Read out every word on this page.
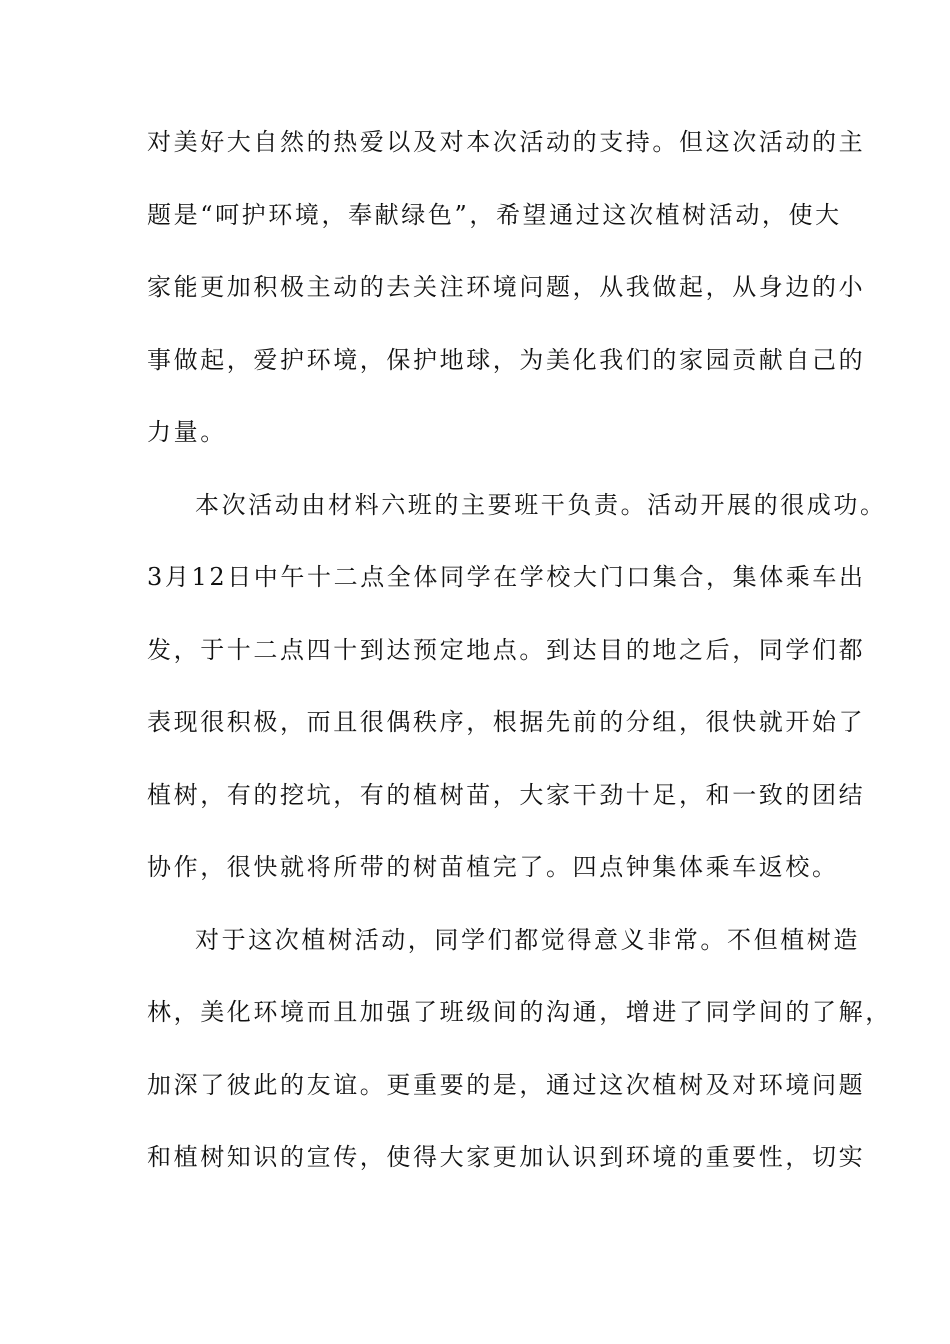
对美好大自然的热爱以及对本次活动的支持。但这次活动的主
题是“呵护环境，奉献绿色”，希望通过这次植树活动，使大
家能更加积极主动的去关注环境问题，从我做起，从身边的小
事做起，爱护环境，保护地球，为美化我们的家园贡献自己的
力量。
本次活动由材料六班的主要班干负责。活动开展的很成功。
3月12日中午十二点全体同学在学校大门口集合，集体乘车出
发，于十二点四十到达预定地点。到达目的地之后，同学们都
表现很积极，而且很偶秩序，根据先前的分组，很快就开始了
植树，有的挖坑，有的植树苗，大家干劲十足，和一致的团结
协作，很快就将所带的树苗植完了。四点钟集体乘车返校。
对于这次植树活动，同学们都觉得意义非常。不但植树造
林，美化环境而且加强了班级间的沟通，增进了同学间的了解，
加深了彼此的友谊。更重要的是，通过这次植树及对环境问题
和植树知识的宣传，使得大家更加认识到环境的重要性，切实
